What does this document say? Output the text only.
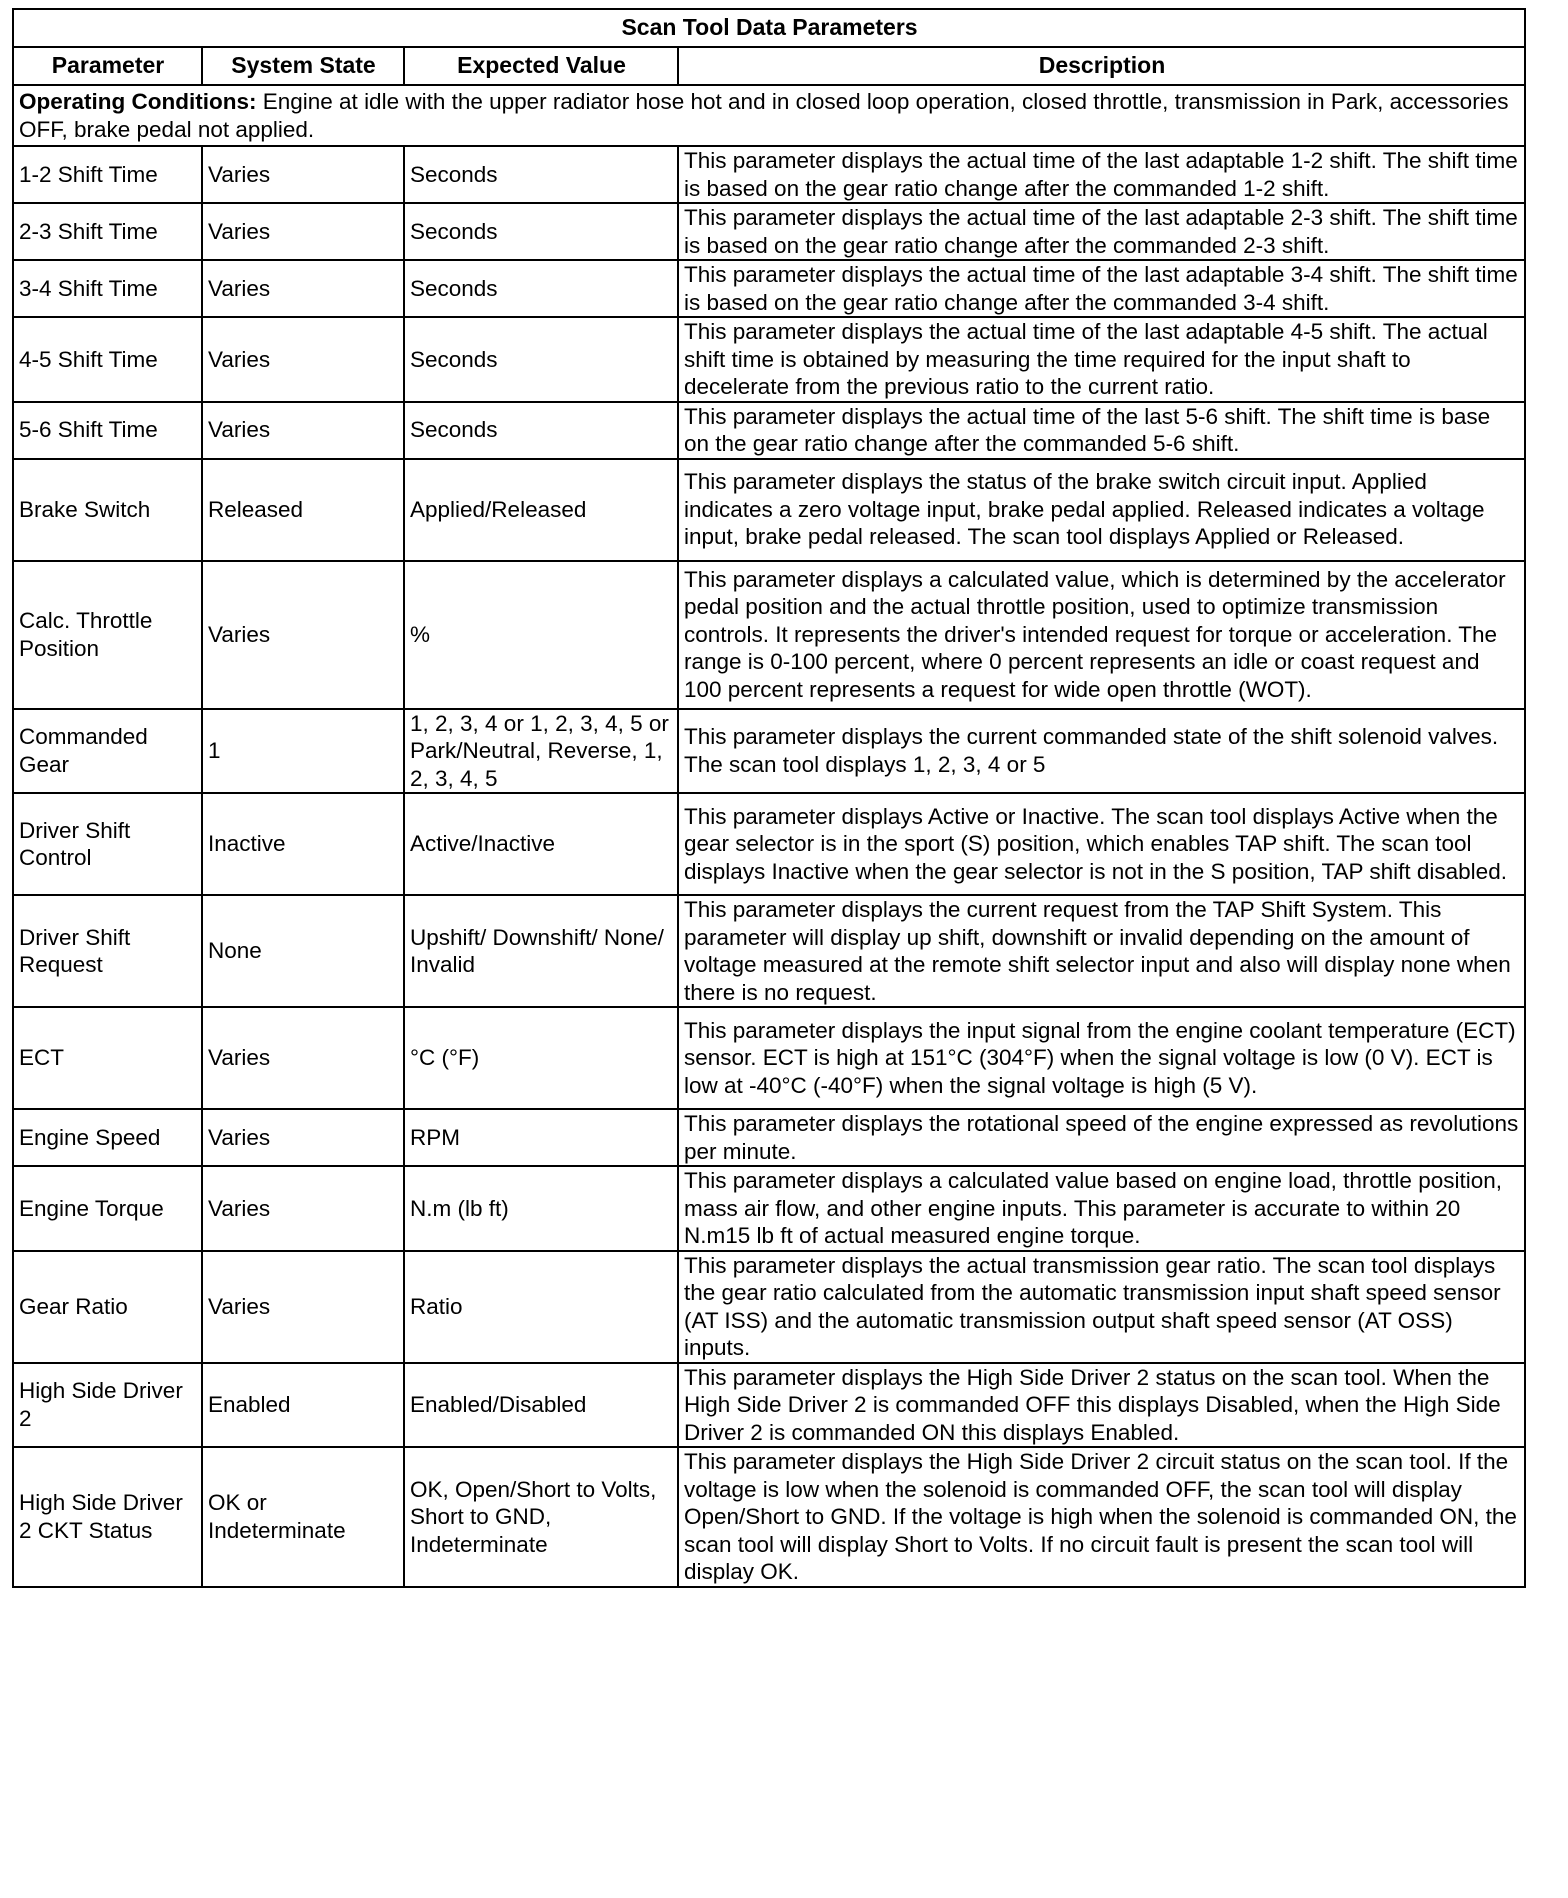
Scan Tool Data Parameters			
Parameter	System State	Expected Value	Description
Operating Conditions: Engine at idle with the upper radiator hose hot and in closed loop operation, closed throttle, transmission in Park, accessories OFF, brake pedal not applied.			
1-2 Shift Time	Varies	Seconds	This parameter displays the actual time of the last adaptable 1-2 shift. The shift time is based on the gear ratio change after the commanded 1-2 shift.
2-3 Shift Time	Varies	Seconds	This parameter displays the actual time of the last adaptable 2-3 shift. The shift time is based on the gear ratio change after the commanded 2-3 shift.
3-4 Shift Time	Varies	Seconds	This parameter displays the actual time of the last adaptable 3-4 shift. The shift time is based on the gear ratio change after the commanded 3-4 shift.
4-5 Shift Time	Varies	Seconds	This parameter displays the actual time of the last adaptable 4-5 shift. The actual shift time is obtained by measuring the time required for the input shaft to decelerate from the previous ratio to the current ratio.
5-6 Shift Time	Varies	Seconds	This parameter displays the actual time of the last 5-6 shift. The shift time is base on the gear ratio change after the commanded 5-6 shift.
Brake Switch	Released	Applied/Released	This parameter displays the status of the brake switch circuit input. Applied indicates a zero voltage input, brake pedal applied. Released indicates a voltage input, brake pedal released. The scan tool displays Applied or Released.
Calc. Throttle Position	Varies	%	This parameter displays a calculated value, which is determined by the accelerator pedal position and the actual throttle position, used to optimize transmission controls. It represents the driver's intended request for torque or acceleration. The range is 0-100 percent, where 0 percent represents an idle or coast request and 100 percent represents a request for wide open throttle (WOT).
Commanded Gear	1	1, 2, 3, 4 or 1, 2, 3, 4, 5 or Park/Neutral, Reverse, 1, 2, 3, 4, 5	This parameter displays the current commanded state of the shift solenoid valves. The scan tool displays 1, 2, 3, 4 or 5
Driver Shift Control	Inactive	Active/Inactive	This parameter displays Active or Inactive. The scan tool displays Active when the gear selector is in the sport (S) position, which enables TAP shift. The scan tool displays Inactive when the gear selector is not in the S position, TAP shift disabled.
Driver Shift Request	None	Upshift/ Downshift/ None/ Invalid	This parameter displays the current request from the TAP Shift System. This parameter will display up shift, downshift or invalid depending on the amount of voltage measured at the remote shift selector input and also will display none when there is no request.
ECT	Varies	°C (°F)	This parameter displays the input signal from the engine coolant temperature (ECT) sensor. ECT is high at 151°C (304°F) when the signal voltage is low (0 V). ECT is low at -40°C (-40°F) when the signal voltage is high (5 V).
Engine Speed	Varies	RPM	This parameter displays the rotational speed of the engine expressed as revolutions per minute.
Engine Torque	Varies	N.m (lb ft)	This parameter displays a calculated value based on engine load, throttle position, mass air flow, and other engine inputs. This parameter is accurate to within 20 N.m15 lb ft of actual measured engine torque.
Gear Ratio	Varies	Ratio	This parameter displays the actual transmission gear ratio. The scan tool displays the gear ratio calculated from the automatic transmission input shaft speed sensor (AT ISS) and the automatic transmission output shaft speed sensor (AT OSS) inputs.
High Side Driver 2	Enabled	Enabled/Disabled	This parameter displays the High Side Driver 2 status on the scan tool. When the High Side Driver 2 is commanded OFF this displays Disabled, when the High Side Driver 2 is commanded ON this displays Enabled.
High Side Driver 2 CKT Status	OK or Indeterminate	OK, Open/Short to Volts, Short to GND, Indeterminate	This parameter displays the High Side Driver 2 circuit status on the scan tool. If the voltage is low when the solenoid is commanded OFF, the scan tool will display Open/Short to GND. If the voltage is high when the solenoid is commanded ON, the scan tool will display Short to Volts. If no circuit fault is present the scan tool will display OK.
